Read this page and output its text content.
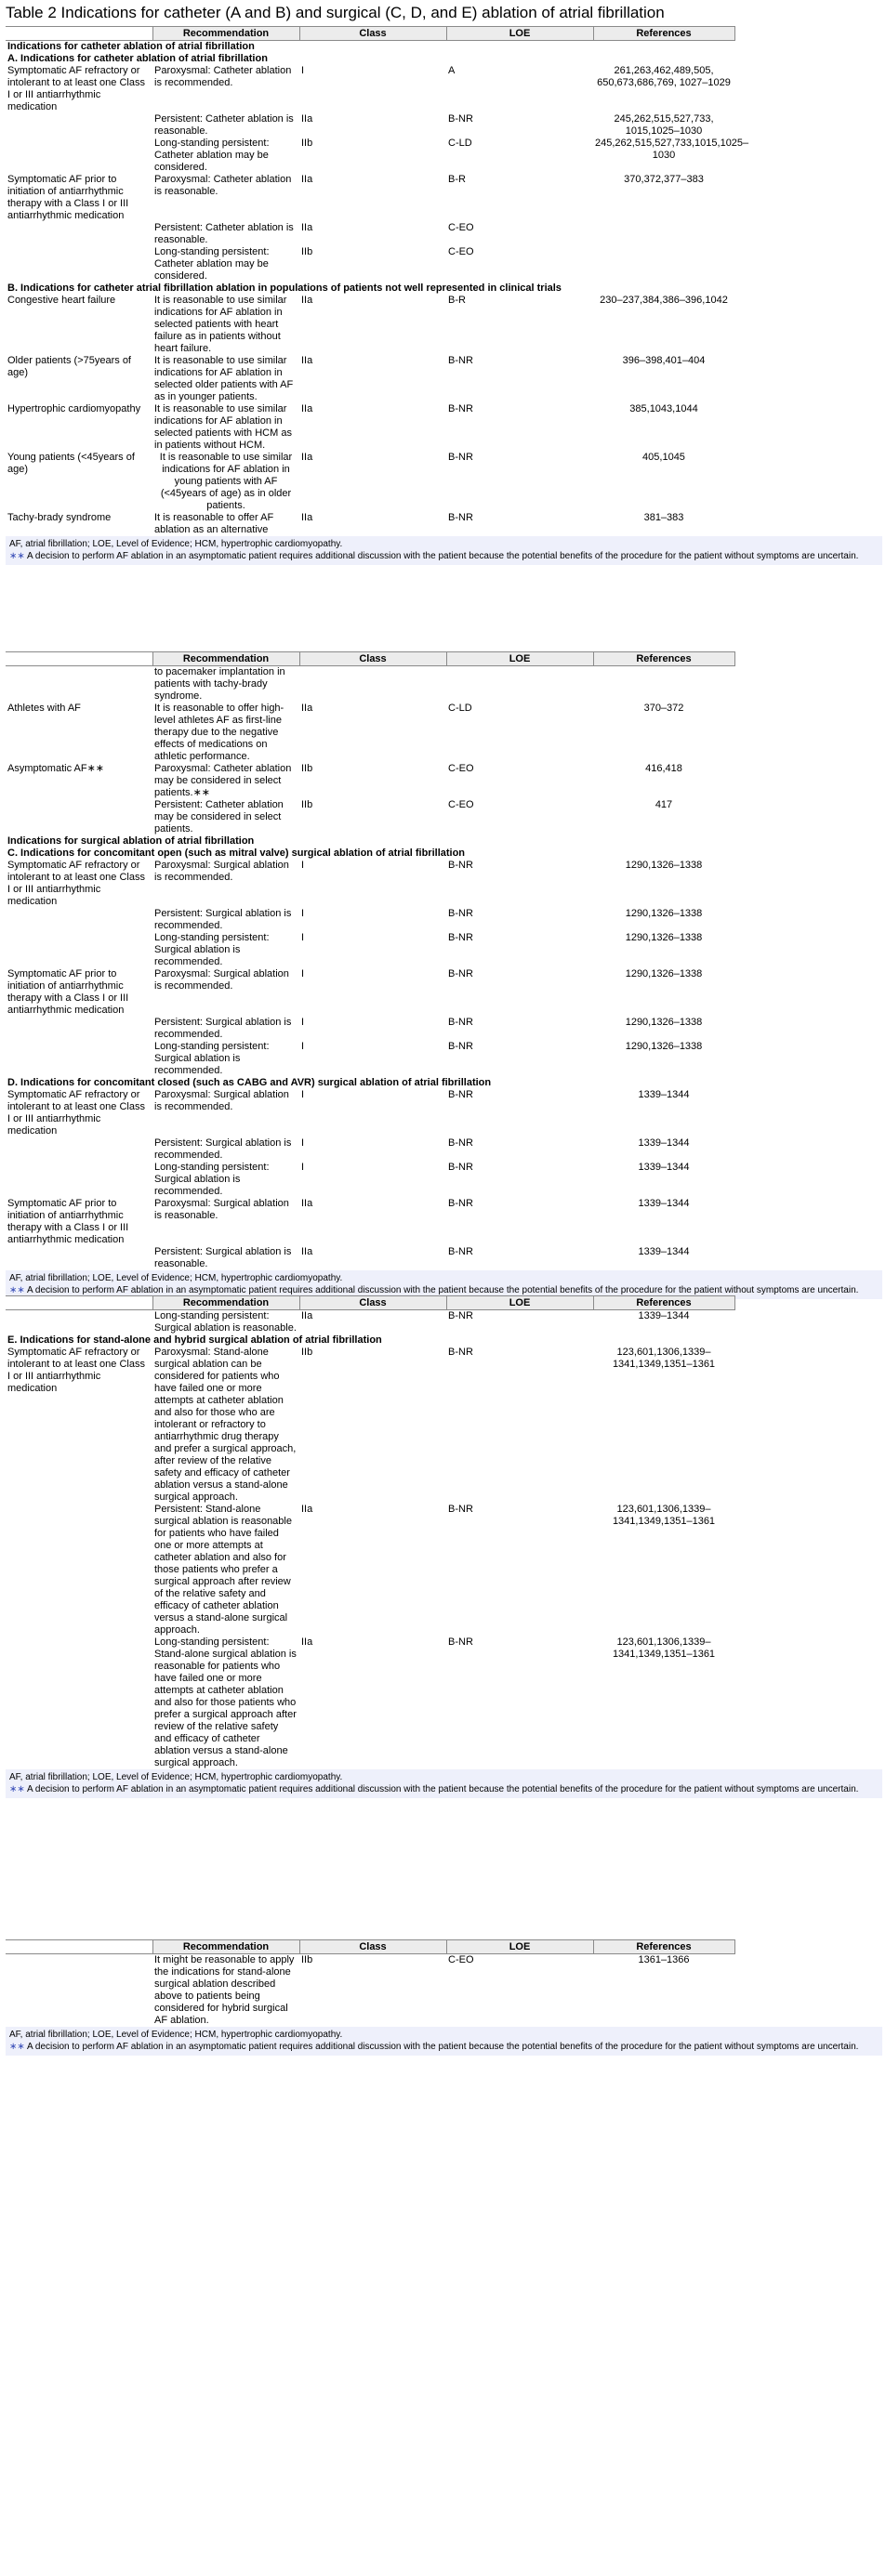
Table 2 Indications for catheter (A and B) and surgical (C, D, and E) ablation of atrial fibrillation
	Recommendation	Class	LOE	References
Indications for catheter ablation of atrial fibrillation				
A. Indications for catheter ablation of atrial fibrillation				
Symptomatic AF refractory or intolerant to at least one Class I or III antiarrhythmic medication	Paroxysmal: Catheter ablation is recommended.	I	A	261,263,462,489,505, 650,673,686,769, 1027–1029
	Persistent: Catheter ablation is reasonable.	IIa	B-NR	245,262,515,527,733, 1015,1025–1030
	Long-standing persistent: Catheter ablation may be considered.	IIb	C-LD	245,262,515,527,733,1015,1025–1030
Symptomatic AF prior to initiation of antiarrhythmic therapy with a Class I or III antiarrhythmic medication	Paroxysmal: Catheter ablation is reasonable.	IIa	B-R	370,372,377–383
	Persistent: Catheter ablation is reasonable.	IIa	C-EO	
	Long-standing persistent: Catheter ablation may be considered.	IIb	C-EO	
B. Indications for catheter atrial fibrillation ablation in populations of patients not well represented in clinical trials				
Congestive heart failure	It is reasonable to use similar indications for AF ablation in selected patients with heart failure as in patients without heart failure.	IIa	B-R	230–237,384,386–396,1042
Older patients (>75years of age)	It is reasonable to use similar indications for AF ablation in selected older patients with AF as in younger patients.	IIa	B-NR	396–398,401–404
Hypertrophic cardiomyopathy	It is reasonable to use similar indications for AF ablation in selected patients with HCM as in patients without HCM.	IIa	B-NR	385,1043,1044
Young patients (<45years of age)	It is reasonable to use similar indications for AF ablation in young patients with AF (<45years of age) as in older patients.	IIa	B-NR	405,1045
Tachy-brady syndrome	It is reasonable to offer AF ablation as an alternative	IIa	B-NR	381–383

AF, atrial fibrillation; LOE, Level of Evidence; HCM, hypertrophic cardiomyopathy.

∗∗ A decision to perform AF ablation in an asymptomatic patient requires additional discussion with the patient because the potential benefits of the procedure for the patient without symptoms are uncertain.

	Recommendation	Class	LOE	References
	to pacemaker implantation in patients with tachy-brady syndrome.			
Athletes with AF	It is reasonable to offer high-level athletes AF as first-line therapy due to the negative effects of medications on athletic performance.	IIa	C-LD	370–372
Asymptomatic AF∗∗	Paroxysmal: Catheter ablation may be considered in select patients.∗∗	IIb	C-EO	416,418
	Persistent: Catheter ablation may be considered in select patients.	IIb	C-EO	417
Indications for surgical ablation of atrial fibrillation				
C. Indications for concomitant open (such as mitral valve) surgical ablation of atrial fibrillation				
Symptomatic AF refractory or intolerant to at least one Class I or III antiarrhythmic medication	Paroxysmal: Surgical ablation is recommended.	I	B-NR	1290,1326–1338
	Persistent: Surgical ablation is recommended.	I	B-NR	1290,1326–1338
	Long-standing persistent: Surgical ablation is recommended.	I	B-NR	1290,1326–1338
Symptomatic AF prior to initiation of antiarrhythmic therapy with a Class I or III antiarrhythmic medication	Paroxysmal: Surgical ablation is recommended.	I	B-NR	1290,1326–1338
	Persistent: Surgical ablation is recommended.	I	B-NR	1290,1326–1338
	Long-standing persistent: Surgical ablation is recommended.	I	B-NR	1290,1326–1338
D. Indications for concomitant closed (such as CABG and AVR) surgical ablation of atrial fibrillation				
Symptomatic AF refractory or intolerant to at least one Class I or III antiarrhythmic medication	Paroxysmal: Surgical ablation is recommended.	I	B-NR	1339–1344
	Persistent: Surgical ablation is recommended.	I	B-NR	1339–1344
	Long-standing persistent: Surgical ablation is recommended.	I	B-NR	1339–1344
Symptomatic AF prior to initiation of antiarrhythmic therapy with a Class I or III antiarrhythmic medication	Paroxysmal: Surgical ablation is reasonable.	IIa	B-NR	1339–1344
	Persistent: Surgical ablation is reasonable.	IIa	B-NR	1339–1344

AF, atrial fibrillation; LOE, Level of Evidence; HCM, hypertrophic cardiomyopathy.

∗∗ A decision to perform AF ablation in an asymptomatic patient requires additional discussion with the patient because the potential benefits of the procedure for the patient without symptoms are uncertain.

	Recommendation	Class	LOE	References
	Long-standing persistent: Surgical ablation is reasonable.	IIa	B-NR	1339–1344
E. Indications for stand-alone and hybrid surgical ablation of atrial fibrillation				
Symptomatic AF refractory or intolerant to at least one Class I or III antiarrhythmic medication	Paroxysmal: Stand-alone surgical ablation can be considered for patients who have failed one or more attempts at catheter ablation and also for those who are intolerant or refractory to antiarrhythmic drug therapy and prefer a surgical approach, after review of the relative safety and efficacy of catheter ablation versus a stand-alone surgical approach.	IIb	B-NR	123,601,1306,1339–1341,1349,1351–1361
	Persistent: Stand-alone surgical ablation is reasonable for patients who have failed one or more attempts at catheter ablation and also for those patients who prefer a surgical approach after review of the relative safety and efficacy of catheter ablation versus a stand-alone surgical approach.	IIa	B-NR	123,601,1306,1339–1341,1349,1351–1361
	Long-standing persistent: Stand-alone surgical ablation is reasonable for patients who have failed one or more attempts at catheter ablation and also for those patients who prefer a surgical approach after review of the relative safety and efficacy of catheter ablation versus a stand-alone surgical approach.	IIa	B-NR	123,601,1306,1339–1341,1349,1351–1361

AF, atrial fibrillation; LOE, Level of Evidence; HCM, hypertrophic cardiomyopathy.

∗∗ A decision to perform AF ablation in an asymptomatic patient requires additional discussion with the patient because the potential benefits of the procedure for the patient without symptoms are uncertain.

	Recommendation	Class	LOE	References
	It might be reasonable to apply the indications for stand-alone surgical ablation described above to patients being considered for hybrid surgical AF ablation.	IIb	C-EO	1361–1366

AF, atrial fibrillation; LOE, Level of Evidence; HCM, hypertrophic cardiomyopathy.

∗∗ A decision to perform AF ablation in an asymptomatic patient requires additional discussion with the patient because the potential benefits of the procedure for the patient without symptoms are uncertain.
